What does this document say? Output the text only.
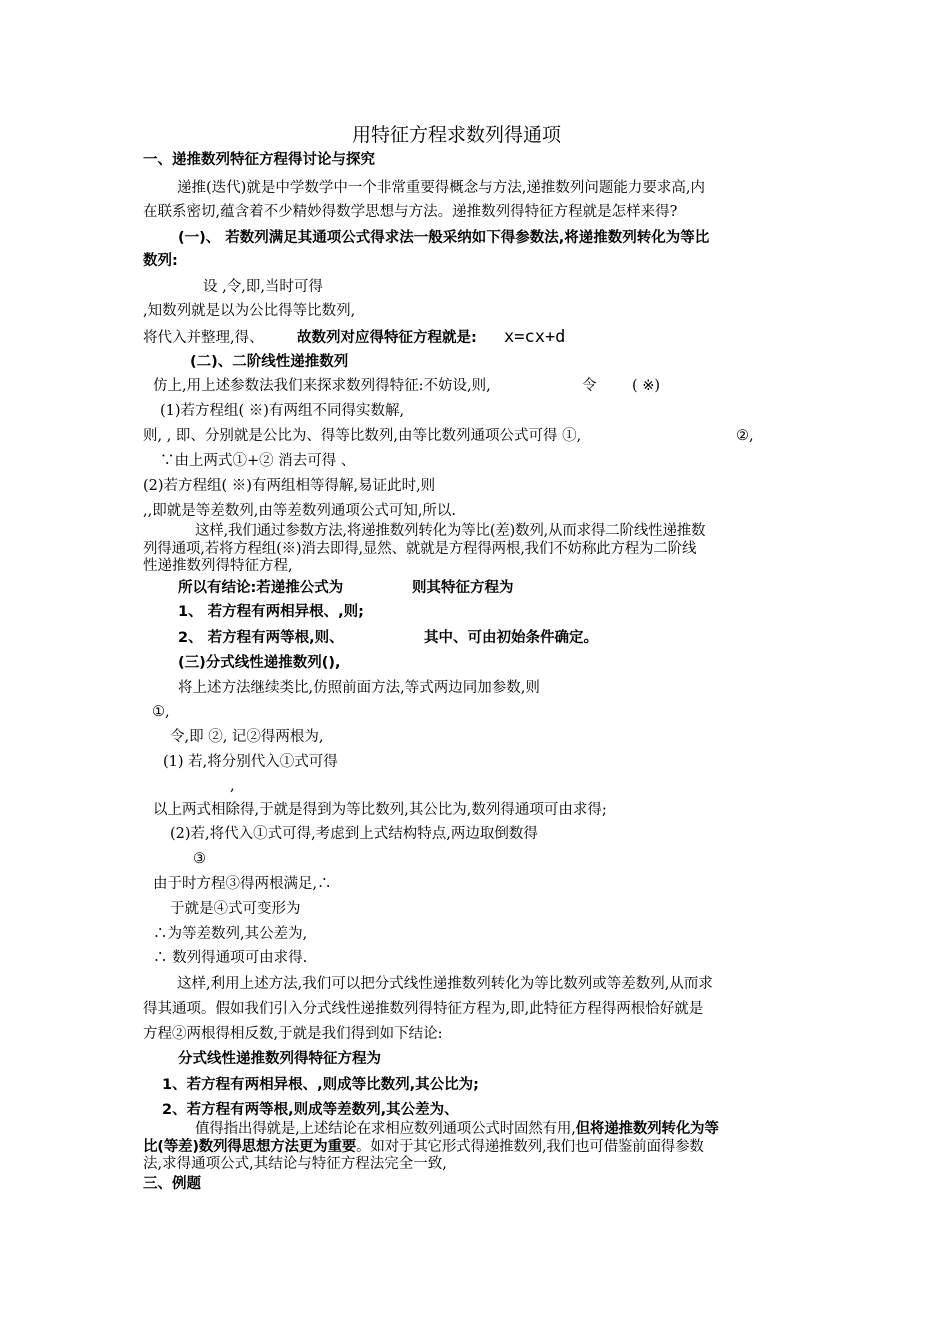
用特征方程求数列得通项
一、递推数列特征方程得讨论与探究
递推(迭代)就是中学数学中一个非常重要得概念与方法,递推数列问题能力要求高,内
在联系密切,蕴含着不少精妙得数学思想与方法。递推数列得特征方程就是怎样来得?
(一)、 若数列满足其通项公式得求法一般采纳如下得参数法,将递推数列转化为等比
数列:
设 ,令,即,当时可得
,知数列就是以为公比得等比数列,
将代入并整理,得、 故数列对应得特征方程就是: x=cx+d
(二)、二阶线性递推数列
仿上,用上述参数法我们来探求数列得特征:不妨设,则,	令 ( ※)
(1)若方程组( ※)有两组不同得实数解,
则, , 即、分别就是公比为、得等比数列,由等比数列通项公式可得 ①,	②,
∵由上两式①+② 消去可得 、
(2)若方程组( ※)有两组相等得解,易证此时,则
,,即就是等差数列,由等差数列通项公式可知,所以.
这样,我们通过参数方法,将递推数列转化为等比(差)数列,从而求得二阶线性递推数
列得通项,若将方程组(※)消去即得,显然、就就是方程得两根,我们不妨称此方程为二阶线
性递推数列得特征方程,
所以有结论:若递推公式为	则其特征方程为
1、 若方程有两相异根、,则;
2、 若方程有两等根,则、	其中、可由初始条件确定。
(三)分式线性递推数列(),
将上述方法继续类比,仿照前面方法,等式两边同加参数,则
①,
令,即 ②, 记②得两根为,
(1) 若,将分别代入①式可得
,
以上两式相除得,于就是得到为等比数列,其公比为,数列得通项可由求得;
(2)若,将代入①式可得,考虑到上式结构特点,两边取倒数得
③
由于时方程③得两根满足,∴
于就是④式可变形为
∴为等差数列,其公差为,
∴ 数列得通项可由求得.
这样,利用上述方法,我们可以把分式线性递推数列转化为等比数列或等差数列,从而求
得其通项。假如我们引入分式线性递推数列得特征方程为,即,此特征方程得两根恰好就是
方程②两根得相反数,于就是我们得到如下结论:
分式线性递推数列得特征方程为
1、若方程有两相异根、,则成等比数列,其公比为;
2、若方程有两等根,则成等差数列,其公差为、
值得指出得就是,上述结论在求相应数列通项公式时固然有用,但将递推数列转化为等
比(等差)数列得思想方法更为重要。如对于其它形式得递推数列,我们也可借鉴前面得参数
法,求得通项公式,其结论与特征方程法完全一致,
三、例题
